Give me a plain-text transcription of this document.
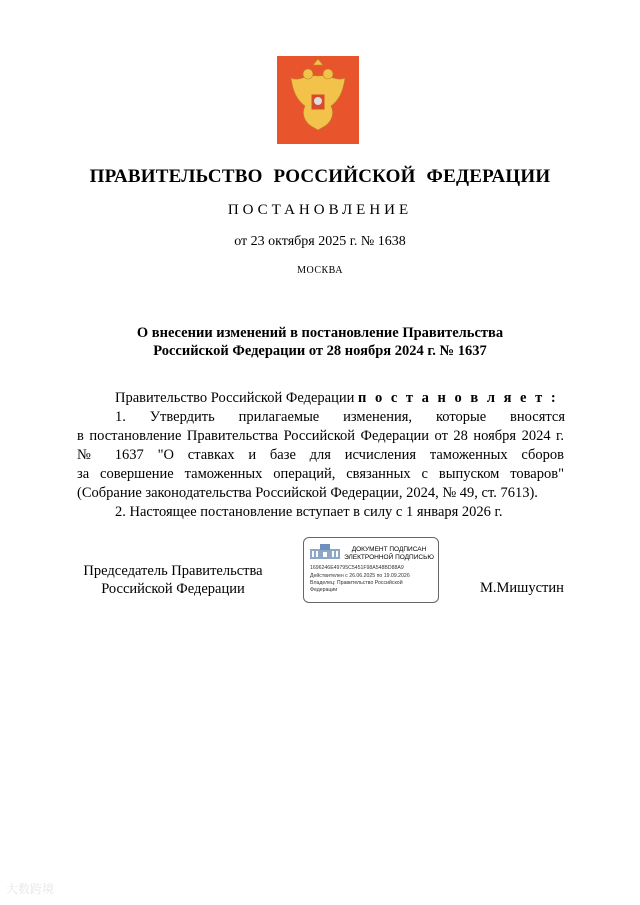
ПРАВИТЕЛЬСТВО РОССИЙСКОЙ ФЕДЕРАЦИИ
ПОСТАНОВЛЕНИЕ
от 23 октября 2025 г. № 1638
МОСКВА
О внесении изменений в постановление Правительства
Российской Федерации от 28 ноября 2024 г. № 1637
Правительство Российской Федерации п о с т а н о в л я е т :
1. Утвердить прилагаемые изменения, которые вносятся
в постановление Правительства Российской Федерации от 28 ноября 2024 г.
№ 1637 "О ставках и базе для исчисления таможенных сборов
за совершение таможенных операций, связанных с выпуском товаров"
(Собрание законодательства Российской Федерации, 2024, № 49, ст. 7613).
2. Настоящее постановление вступает в силу с 1 января 2026 г.
Председатель Правительства
Российской Федерации
ДОКУМЕНТ ПОДПИСАН
ЭЛЕКТРОННОЙ ПОДПИСЬЮ
1696246E49795C5451F98A548BD88A9
Действителен с 26.06.2025 по 19.09.2026
Владелец: Правительство Российской
Федерации	М.Мишустин
大数跨境
